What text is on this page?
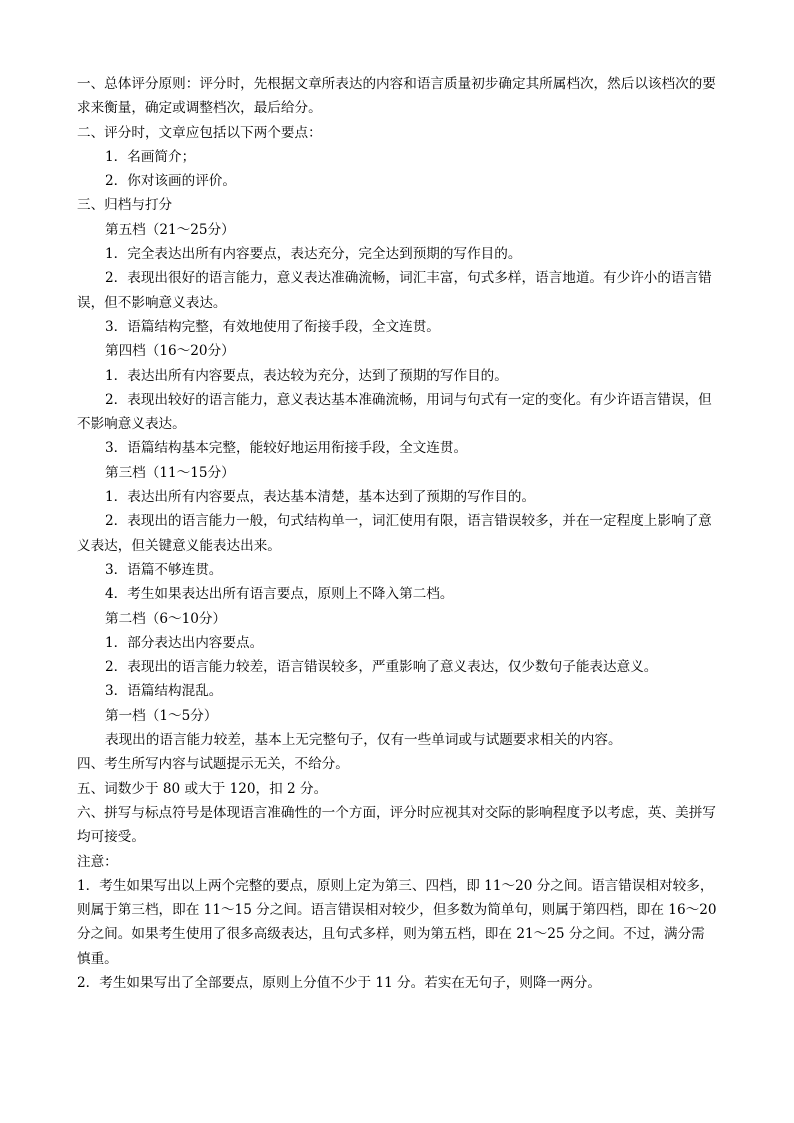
一、总体评分原则：评分时，先根据文章所表达的内容和语言质量初步确定其所属档次，然后以该档次的要求来衡量，确定或调整档次，最后给分。

二、评分时，文章应包括以下两个要点：

1．名画简介；

2．你对该画的评价。

三、归档与打分

第五档（21～25分）

1．完全表达出所有内容要点，表达充分，完全达到预期的写作目的。

2．表现出很好的语言能力，意义表达准确流畅，词汇丰富，句式多样，语言地道。有少许小的语言错误，但不影响意义表达。

3．语篇结构完整，有效地使用了衔接手段，全文连贯。

第四档（16～20分）

1．表达出所有内容要点，表达较为充分，达到了预期的写作目的。

2．表现出较好的语言能力，意义表达基本准确流畅，用词与句式有一定的变化。有少许语言错误，但不影响意义表达。

3．语篇结构基本完整，能较好地运用衔接手段，全文连贯。

第三档（11～15分）

1．表达出所有内容要点，表达基本清楚，基本达到了预期的写作目的。

2．表现出的语言能力一般，句式结构单一，词汇使用有限，语言错误较多，并在一定程度上影响了意义表达，但关键意义能表达出来。

3．语篇不够连贯。

4．考生如果表达出所有语言要点，原则上不降入第二档。

第二档（6～10分）

1．部分表达出内容要点。

2．表现出的语言能力较差，语言错误较多，严重影响了意义表达，仅少数句子能表达意义。

3．语篇结构混乱。

第一档（1～5分）

表现出的语言能力较差，基本上无完整句子，仅有一些单词或与试题要求相关的内容。

四、考生所写内容与试题提示无关，不给分。

五、词数少于 80 或大于 120，扣 2 分。

六、拼写与标点符号是体现语言准确性的一个方面，评分时应视其对交际的影响程度予以考虑，英、美拼写均可接受。

注意：

1．考生如果写出以上两个完整的要点，原则上定为第三、四档，即 11～20 分之间。语言错误相对较多，则属于第三档，即在 11～15 分之间。语言错误相对较少，但多数为简单句，则属于第四档，即在 16～20 分之间。如果考生使用了很多高级表达，且句式多样，则为第五档，即在 21～25 分之间。不过，满分需慎重。

2．考生如果写出了全部要点，原则上分值不少于 11 分。若实在无句子，则降一两分。
